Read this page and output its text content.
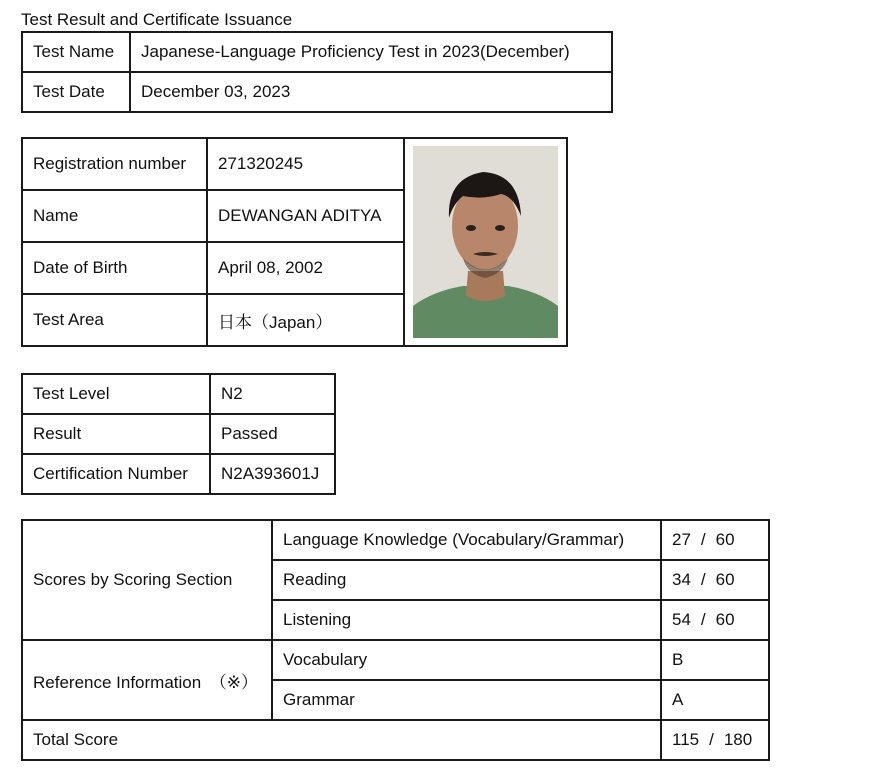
Test Result and Certificate Issuance
Test Name	Japanese-Language Proficiency Test in 2023(December)
Test Date	December 03, 2023
Registration number	271320245	

Name	DEWANGAN ADITYA	
Date of Birth	April 08, 2002	
Test Area	日本（Japan）	
Test Level	N2
Result	Passed
Certification Number	N2A393601J
Scores by Scoring Section	Language Knowledge (Vocabulary/Grammar)	27 / 60
	Reading	34 / 60
	Listening	54 / 60
Reference Information　（※）	Vocabulary	B
	Grammar	A
Total Score		115 / 180
